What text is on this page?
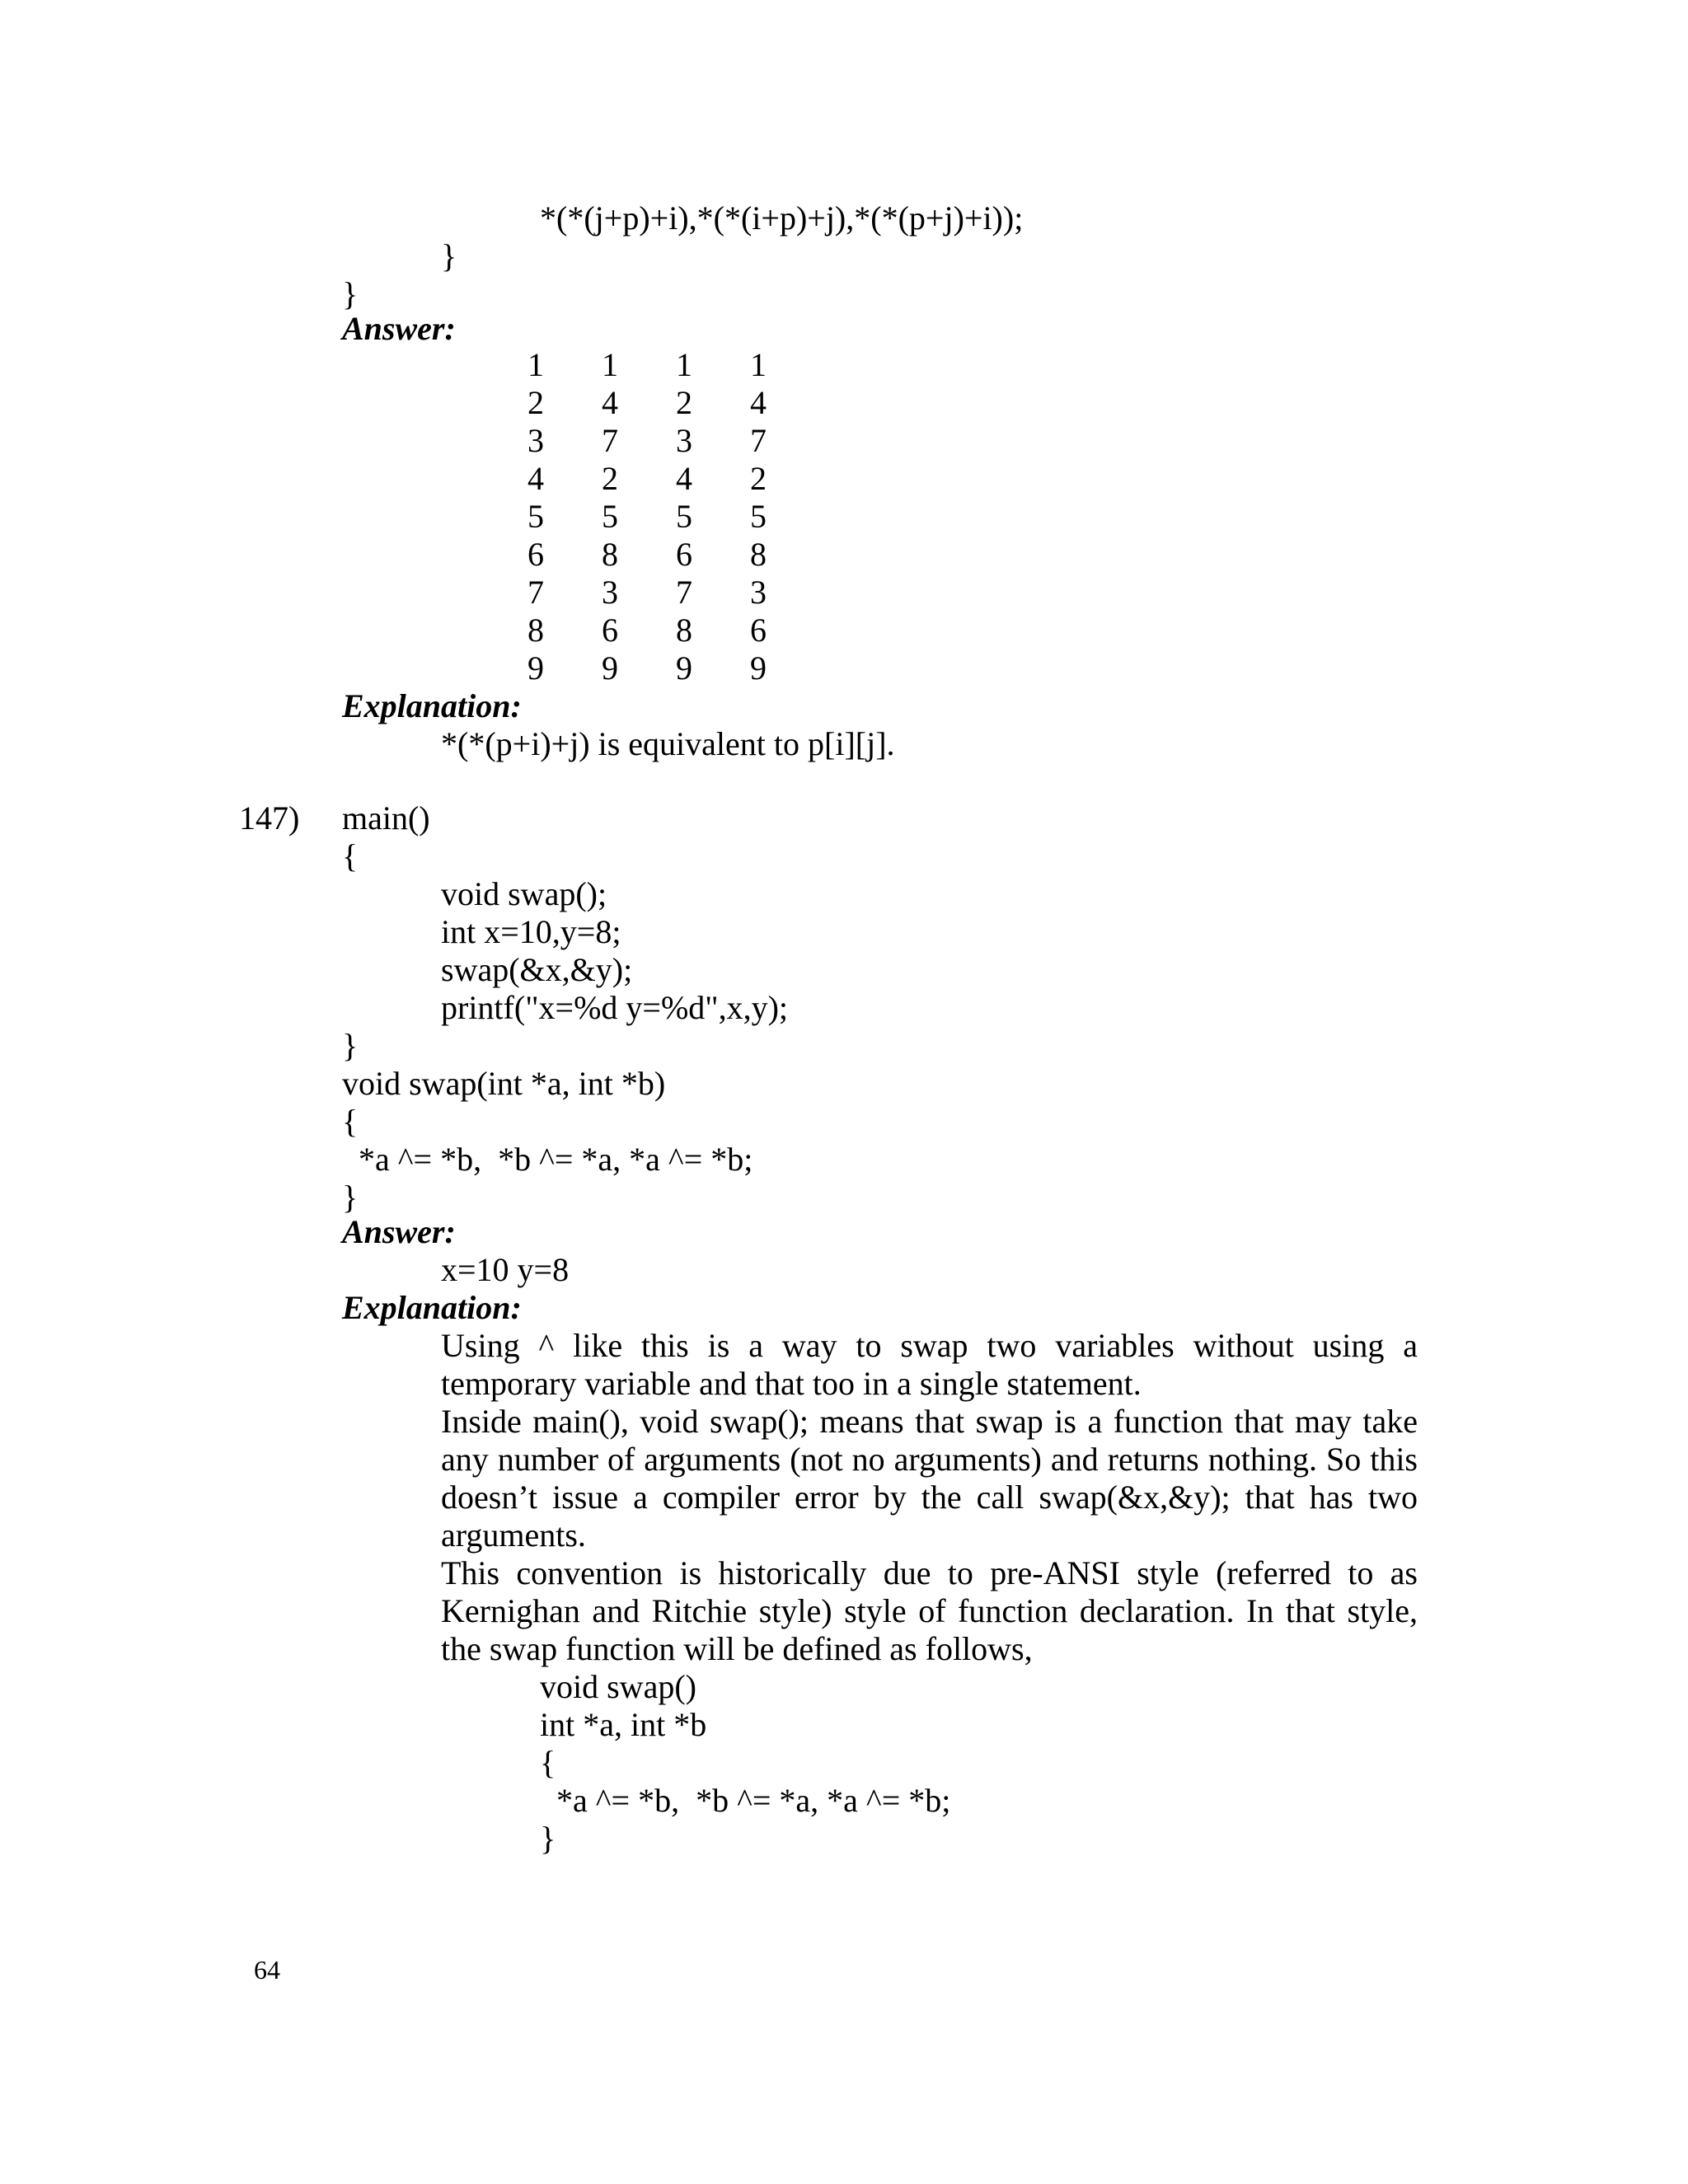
*(*(j+p)+i),*(*(i+p)+j),*(*(p+j)+i));

}

}

Answer:

1	1	1	1
2	4	2	4
3	7	3	7
4	2	4	2
5	5	5	5
6	8	6	8
7	3	7	3
8	6	8	6
9	9	9	9

Explanation:

*(*(p+i)+j) is equivalent to p[i][j].

147) main()

{

void swap();

int x=10,y=8;

swap(&x,&y);

printf("x=%d y=%d",x,y);

}

void swap(int *a, int *b)

{

*a ^= *b,  *b ^= *a, *a ^= *b;

}

Answer:

x=10 y=8

Explanation:

Using ^ like this is a way to swap two variables without using a temporary variable and that too in a single statement.

Inside main(), void swap(); means that swap is a function that may take any number of arguments (not no arguments) and returns nothing. So this doesn’t issue a compiler error by the call swap(&x,&y); that has two arguments.

This convention is historically due to pre-ANSI style (referred to as Kernighan and Ritchie style) style of function declaration. In that style, the swap function will be defined as follows,

void swap()

int *a, int *b

{

*a ^= *b,  *b ^= *a, *a ^= *b;

}

64
